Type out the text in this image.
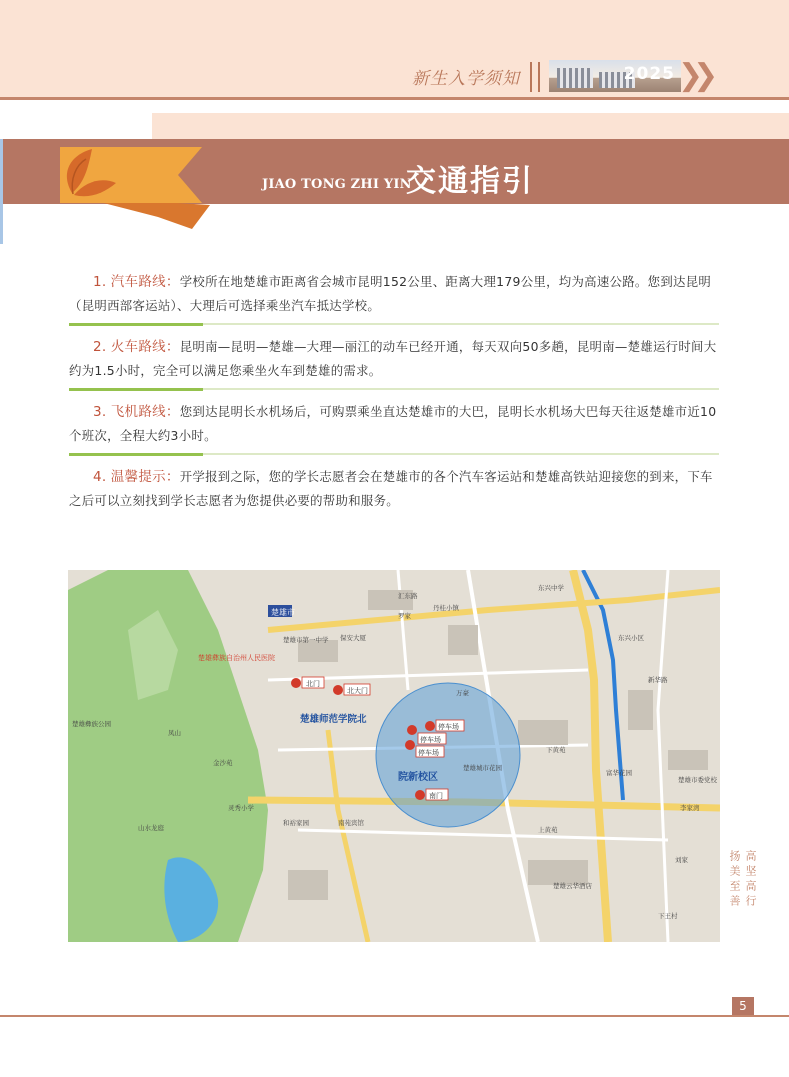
新生入学须知	2025 ❯❯
JIAO TONG ZHI YIN
交通指引

1. 汽车路线：学校所在地楚雄市距离省会城市昆明152公里、距离大理179公里，均为高速公路。您到达昆明（昆明西部客运站）、大理后可选择乘坐汽车抵达学校。

2. 火车路线：昆明南—昆明—楚雄—大理—丽江的动车已经开通，每天双向50多趟，昆明南—楚雄运行时间大约为1.5小时，完全可以满足您乘坐火车到楚雄的需求。

3. 飞机路线：您到达昆明长水机场后，可购票乘坐直达楚雄市的大巴，昆明长水机场大巴每天往返楚雄市近10个班次，全程大约3小时。

4. 温馨提示：开学报到之际，您的学长志愿者会在楚雄市的各个汽车客运站和楚雄高铁站迎接您的到来，下车之后可以立刻找到学长志愿者为您提供必要的帮助和服务。

楚雄市
楚雄师范学院北
院新校区
楚雄彝族自治州人民医院
北门
北大门
停车场
停车场
停车场
南门
罗家
汇东路
丹桂小镇
东兴中学
楚雄市第一中学 保安大厦
楚雄城市花园
下黄苑
富华花园
楚雄云华酒店
楚雄彝族公园
凤山
金沙苑
灵秀小学
和裕家园
山水龙庭
南苑宾馆
万豪
上黄苑
楚雄市委党校
东兴小区
李家湾
下王村
刘家
新华路
高坚高行
扬美至善
5
